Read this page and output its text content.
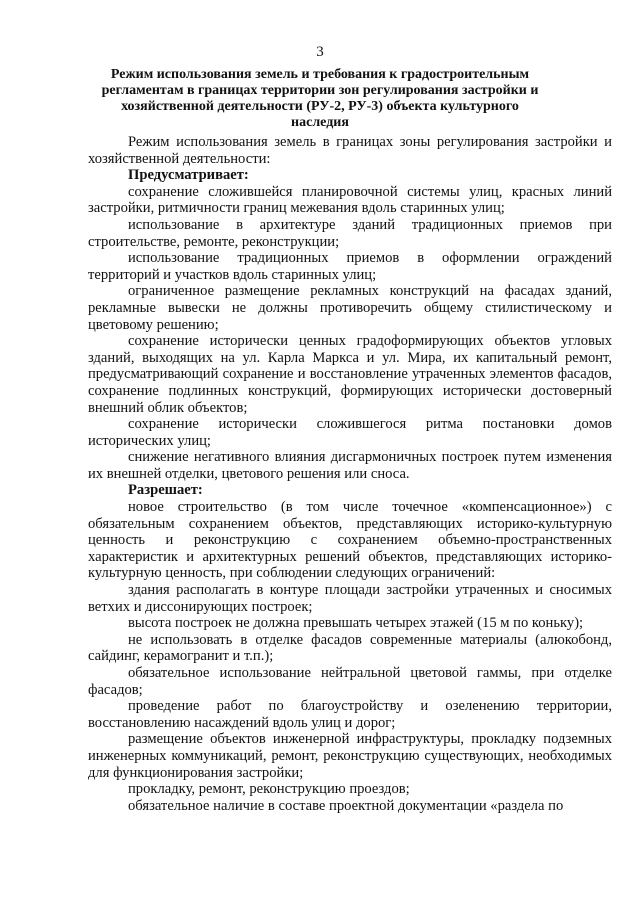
3
Режим использования земель и требования к градостроительным регламентам в границах территории зон регулирования застройки и хозяйственной деятельности (РУ-2, РУ-3) объекта культурного наследия

Режим использования земель в границах зоны регулирования застройки и хозяйственной деятельности:

Предусматривает:

сохранение сложившейся планировочной системы улиц, красных линий застройки, ритмичности границ межевания вдоль старинных улиц;

использование в архитектуре зданий традиционных приемов при строительстве, ремонте, реконструкции;

использование традиционных приемов в оформлении ограждений территорий и участков вдоль старинных улиц;

ограниченное размещение рекламных конструкций на фасадах зданий, рекламные вывески не должны противоречить общему стилистическому и цветовому решению;

сохранение исторически ценных градоформирующих объектов угловых зданий, выходящих на ул. Карла Маркса и ул. Мира, их капитальный ремонт, предусматривающий сохранение и восстановление утраченных элементов фасадов, сохранение подлинных конструкций, формирующих исторически достоверный внешний облик объектов;

сохранение исторически сложившегося ритма постановки домов исторических улиц;

снижение негативного влияния дисгармоничных построек путем изменения их внешней отделки, цветового решения или сноса.

Разрешает:

новое строительство (в том числе точечное «компенсационное») с обязательным сохранением объектов, представляющих историко-культурную ценность и реконструкцию с сохранением объемно-пространственных характеристик и архитектурных решений объектов, представляющих историко-культурную ценность, при соблюдении следующих ограничений:

здания располагать в контуре площади застройки утраченных и сносимых ветхих и диссонирующих построек;

высота построек не должна превышать четырех этажей (15 м по коньку);

не использовать в отделке фасадов современные материалы (алюкобонд, сайдинг, керамогранит и т.п.);

обязательное использование нейтральной цветовой гаммы, при отделке фасадов;

проведение работ по благоустройству и озеленению территории, восстановлению насаждений вдоль улиц и дорог;

размещение объектов инженерной инфраструктуры, прокладку подземных инженерных коммуникаций, ремонт, реконструкцию существующих, необходимых для функционирования застройки;

прокладку, ремонт, реконструкцию проездов;

обязательное наличие в составе проектной документации «раздела по
